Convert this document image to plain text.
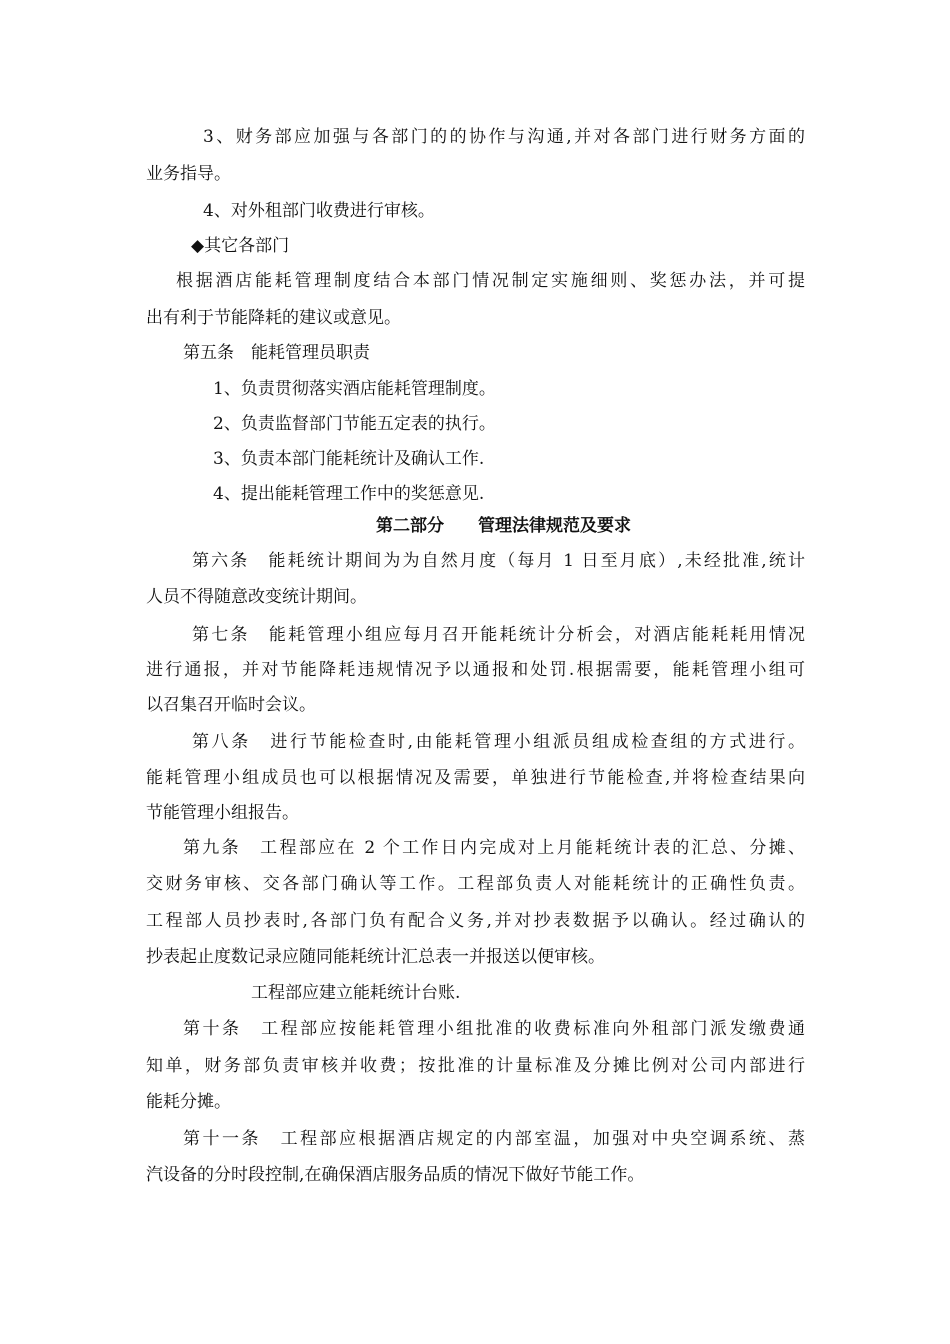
3、财务部应加强与各部门的的协作与沟通,并对各部门进行财务方面的
业务指导。
4、对外租部门收费进行审核。
◆其它各部门
根据酒店能耗管理制度结合本部门情况制定实施细则、奖惩办法，并可提
出有利于节能降耗的建议或意见。
第五条　能耗管理员职责
1、负责贯彻落实酒店能耗管理制度。
2、负责监督部门节能五定表的执行。
3、负责本部门能耗统计及确认工作.
4、提出能耗管理工作中的奖惩意见.
第二部分　　管理法律规范及要求
第六条　能耗统计期间为为自然月度（每月 1 日至月底）,未经批准,统计
人员不得随意改变统计期间。
第七条　能耗管理小组应每月召开能耗统计分析会，对酒店能耗耗用情况
进行通报，并对节能降耗违规情况予以通报和处罚.根据需要，能耗管理小组可
以召集召开临时会议。
第八条　进行节能检查时,由能耗管理小组派员组成检查组的方式进行。
能耗管理小组成员也可以根据情况及需要，单独进行节能检查,并将检查结果向
节能管理小组报告。
第九条　工程部应在 2 个工作日内完成对上月能耗统计表的汇总、分摊、
交财务审核、交各部门确认等工作。工程部负责人对能耗统计的正确性负责。
工程部人员抄表时,各部门负有配合义务,并对抄表数据予以确认。经过确认的
抄表起止度数记录应随同能耗统计汇总表一并报送以便审核。
工程部应建立能耗统计台账.
第十条　工程部应按能耗管理小组批准的收费标准向外租部门派发缴费通
知单，财务部负责审核并收费；按批准的计量标准及分摊比例对公司内部进行
能耗分摊。
第十一条　工程部应根据酒店规定的内部室温，加强对中央空调系统、蒸
汽设备的分时段控制,在确保酒店服务品质的情况下做好节能工作。
